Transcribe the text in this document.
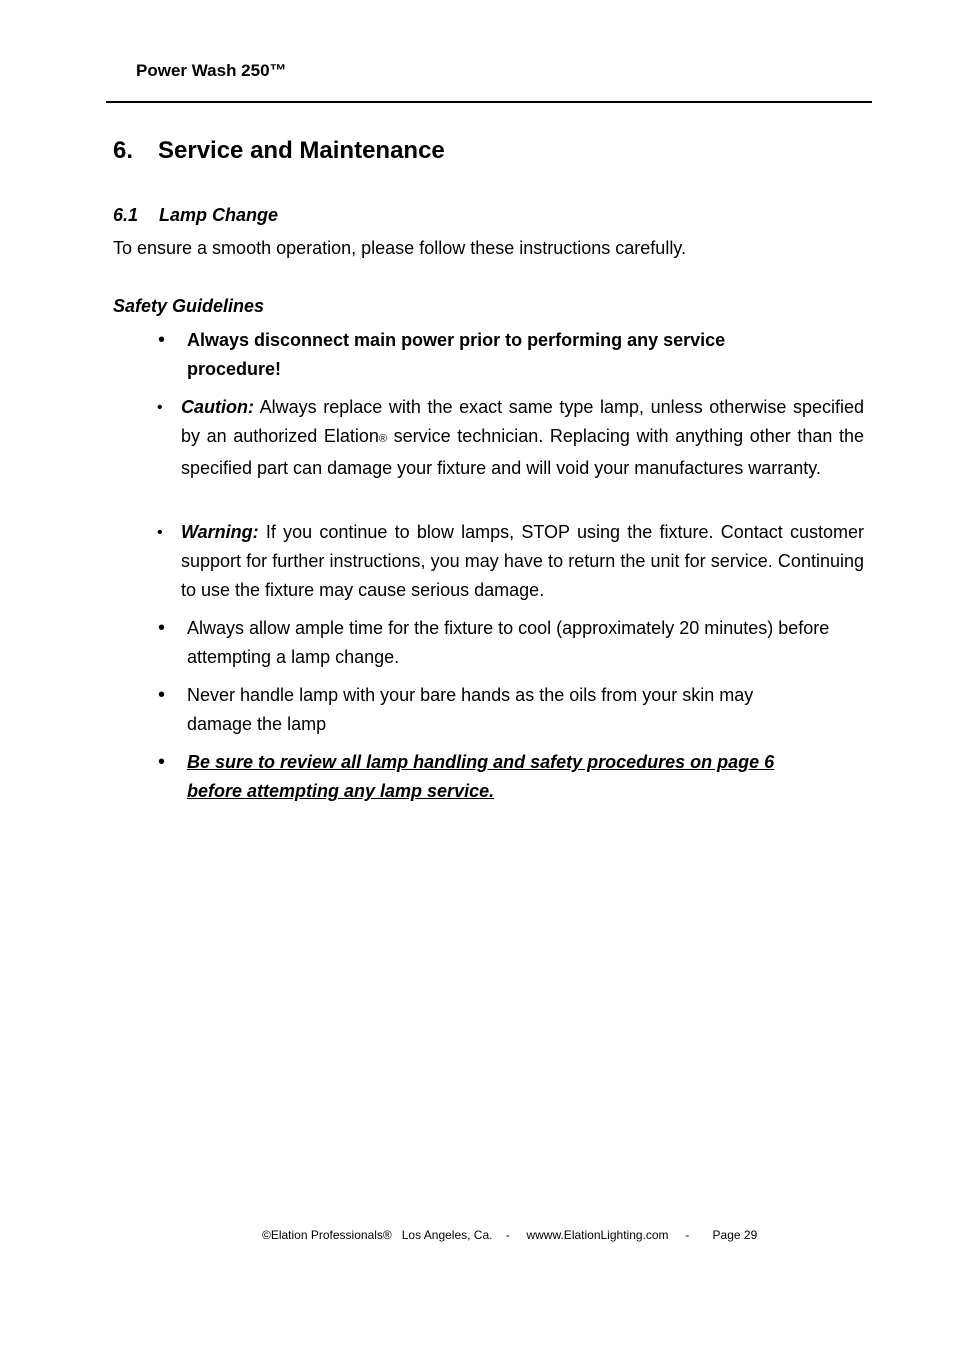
Power Wash 250™

6. Service and Maintenance
6.1 Lamp Change

To ensure a smooth operation, please follow these instructions carefully.

Safety Guidelines

• Always disconnect main power prior to performing any service procedure!
• Caution: Always replace with the exact same type lamp, unless otherwise specified by an authorized Elation® service technician. Replacing with anything other than the specified part can damage your fixture and will void your manufactures warranty.
• Warning: If you continue to blow lamps, STOP using the fixture. Contact customer support for further instructions, you may have to return the unit for service. Continuing to use the fixture may cause serious damage.
• Always allow ample time for the fixture to cool (approximately 20 minutes) before attempting a lamp change.
• Never handle lamp with your bare hands as the oils from your skin may damage the lamp
• Be sure to review all lamp handling and safety procedures on page 6 before attempting any lamp service.

©Elation Professionals®   Los Angeles, Ca.    -     wwww.ElationLighting.com     -       Page 29
